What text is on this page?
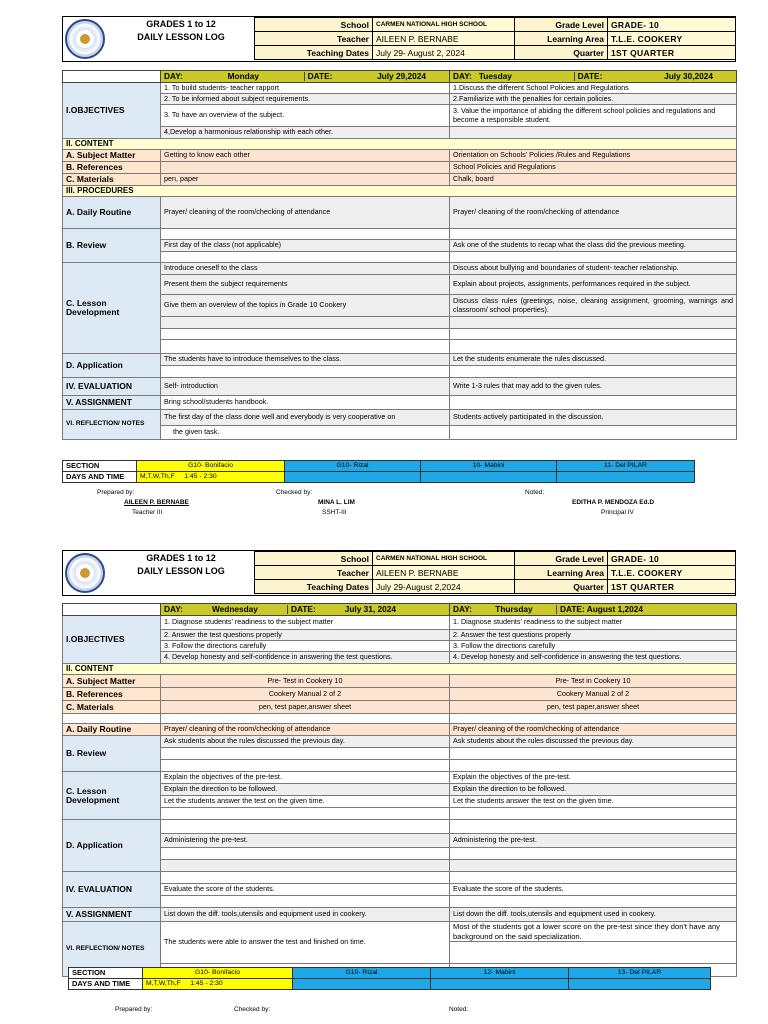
GRADES 1 to 12
DAILY LESSON LOG
School	CARMEN NATIONAL HIGH SCHOOL
Teacher AILEEN P. BERNABE
Teaching Dates July 29- August 2, 2024
Grade Level GRADE- 10
Learning Area T.L.E. COOKERY
Quarter 1ST QUARTER

	DAY: Monday DATE: July 29,2024	DAY: Tuesday DATE: July 30,2024

I.OBJECTIVES	1. To build students- teacher rapport	1.Discuss the different School Policies and Regulations
	2. To be informed about subject requirements.	2.Familiarize with the penalties for certain policies.
	3. To have an overview of the subject.	3. Value the importance of abiding the different school policies and regulations and become a responsible student.
	4,Develop a harmonious relationship with each other.	
II. CONTENT		
A. Subject Matter	Getting to know each other	Orientation on Schools' Policies /Rules and Regulations
B. References		School Policies and Regulations
C. Materials	pen, paper	Chalk, board
III. PROCEDURES		
A. Daily Routine	Prayer/ cleaning of the room/checking of attendance	Prayer/ cleaning of the room/checking of attendance
B. Review		
	First day of the class (not applicable)	Ask one of the students to recap what the class did the previous meeting.

C. Lesson Development	Introduce oneself to the class	Discuss about bullying and boundaries of student- teacher relationship.
	Present them the subject requirements	Explain about projects, assignments, performances required in the subject.
	Give them an overview of the topics in Grade 10 Cookery	Discuss class rules (greetings, noise, cleaning assignment, grooming, warnings and classroom/ school properties).

D. Application	The students have to introduce themselves to the class.	Let the students enumerate the rules discussed.

IV. EVALUATION	Self- introduction	Write 1-3 rules that may add to the given rules.
V. ASSIGNMENT	Bring school/students handbook.	
VI. REFLECTION/ NOTES	The first day of the class done well and everybody is very cooperative on	Students actively participated in the discussion.
	the given task.	
SECTION	G10- Bonifacio	G10- Rizal	10- Mabini	11- Del PILAR
DAYS AND TIME	M,T,W,Th,F 1:45 - 2:30			
Prepared by:	Checked by:	Noted:
AILEEN P. BERNABE
Teacher III
MINA L. LIM
SSHT-III
EDITHA P. MENDOZA Ed.D
Principal IV
GRADES 1 to 12
DAILY LESSON LOG
School	CARMEN NATIONAL HIGH SCHOOL
Teacher AILEEN P. BERNABE
Teaching Dates July 29-August 2,2024
Grade Level GRADE- 10
Learning Area T.L.E. COOKERY
Quarter 1ST QUARTER

	DAY: Wednesday DATE: July 31, 2024	DAY: Thursday DATE: August 1,2024

I.OBJECTIVES	1. Diagnose students' readiness to the subject matter	1. Diagnose students' readiness to the subject matter
	2. Answer the test questions properly	2. Answer the test questions properly
	3. Follow the directions carefully	3. Follow the directions carefully
	4. Develop honesty and self-confidence in answering the test questions.	4. Develop honesty and self-confidence in answering the test questions.
II. CONTENT		
A. Subject Matter	Pre- Test in Cookery 10	Pre- Test in Cookery 10
B. References	Cookery Manual 2 of 2	Cookery Manual 2 of 2
C. Materials	pen, test paper,answer sheet	pen, test paper,answer sheet

A. Daily Routine	Prayer/ cleaning of the room/checking of attendance	Prayer/ cleaning of the room/checking of attendance
B. Review	Ask students about the rules discussed the previous day.	Ask students about the rules discussed the previous day.

C. Lesson Development	Explain the objectives of the pre-test.	Explain the objectives of the pre-test.
	Explain the direction to be followed.	Explain the direction to be followed.
	Let the students answer the test on the given time.	Let the students answer the test on the given time.

D. Application		
	Administering the pre-test.	Administering the pre-test.

IV. EVALUATION		
	Evaluate the score of the students.	Evaluate the score of the students.

V. ASSIGNMENT	List down the diff. tools,utensils and equipment used in cookery.	List down the diff. tools,utensils and equipment used in cookery.
VI. REFLECTION/ NOTES	The students were able to answer the test and finished on time.	Most of the students got a lower score on the pre-test since they don't have any background on the said specialization.

SECTION	G10- Bonifacio	G10- Rizal	12- Mabini	13- Del PILAR
DAYS AND TIME	M,T,W,Th,F 1:45 - 2:30			
Prepared by:	Checked by:	Noted:
